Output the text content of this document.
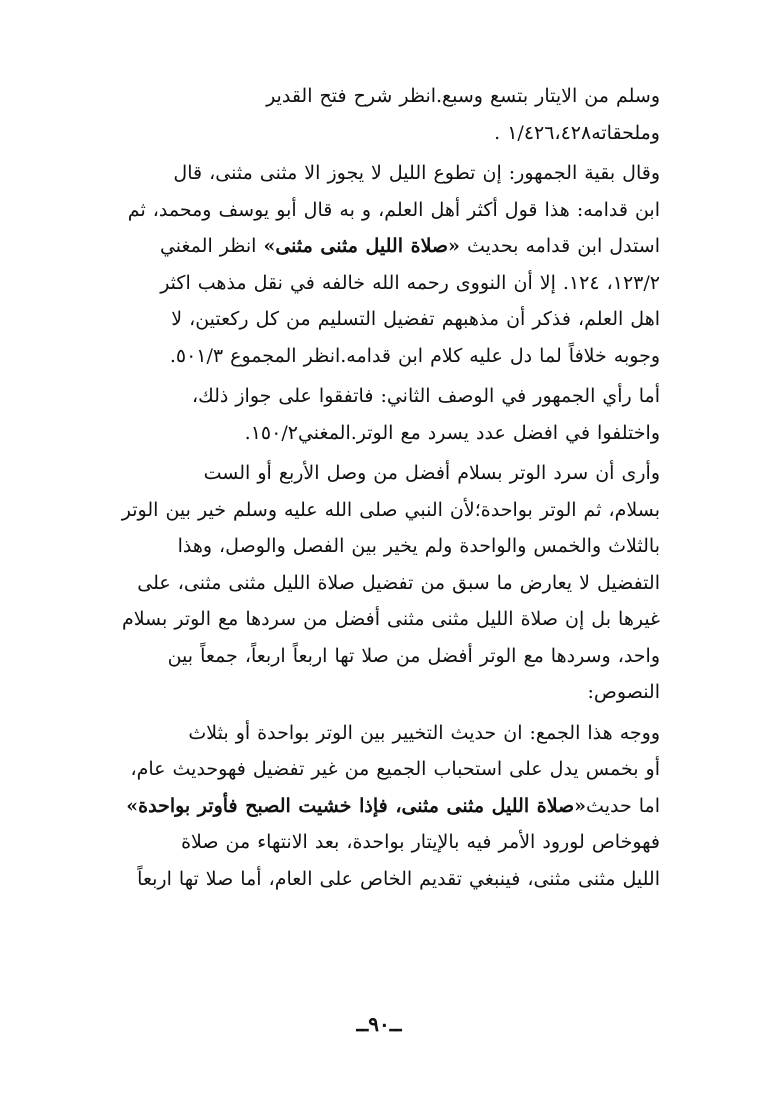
وسلم من الايتار بتسع وسبع.انظر شرح فتح القدير
وملحقاته١/٤٢٦،٤٢٨ .
وقال بقية الجمهور: إن تطوع الليل لا يجوز الا مثنى مثنى، قال
ابن قدامه: هذا قول أكثر أهل العلم، و به قال أبو يوسف ومحمد، ثم
استدل ابن قدامه بحديث «صلاة الليل مثنى مثنى» انظر المغني
١٢٣/٢، ١٢٤. إلا أن النووى رحمه الله خالفه في نقل مذهب اكثر
اهل العلم، فذكر أن مذهبهم تفضيل التسليم من كل ركعتين، لا
وجوبه خلافاً لما دل عليه كلام ابن قدامه.انظر المجموع ٥٠١/٣.
أما رأي الجمهور في الوصف الثاني: فاتفقوا على جواز ذلك،
واختلفوا في افضل عدد يسرد مع الوتر.المغني١٥٠/٢.
وأرى أن سرد الوتر بسلام أفضل من وصل الأربع أو الست
بسلام، ثم الوتر بواحدة؛لأن النبي صلى الله عليه وسلم خير بين الوتر
بالثلاث والخمس والواحدة ولم يخير بين الفصل والوصل، وهذا
التفضيل لا يعارض ما سبق من تفضيل صلاة الليل مثنى مثنى، على
غيرها بل إن صلاة الليل مثنى مثنى أفضل من سردها مع الوتر بسلام
واحد، وسردها مع الوتر أفضل من صلا تها اربعاً اربعاً، جمعاً بين
النصوص:
ووجه هذا الجمع: ان حديث التخيير بين الوتر بواحدة أو بثلاث
أو بخمس يدل على استحباب الجميع من غير تفضيل فهوحديث عام،
اما حديث«صلاة الليل مثنى مثنى، فإذا خشيت الصبح فأوتر بواحدة»
فهوخاص لورود الأمر فيه بالإيتار بواحدة، بعد الانتهاء من صلاة
الليل مثنى مثنى، فينبغي تقديم الخاص على العام، أما صلا تها اربعاً
ــ٩٠ــ
